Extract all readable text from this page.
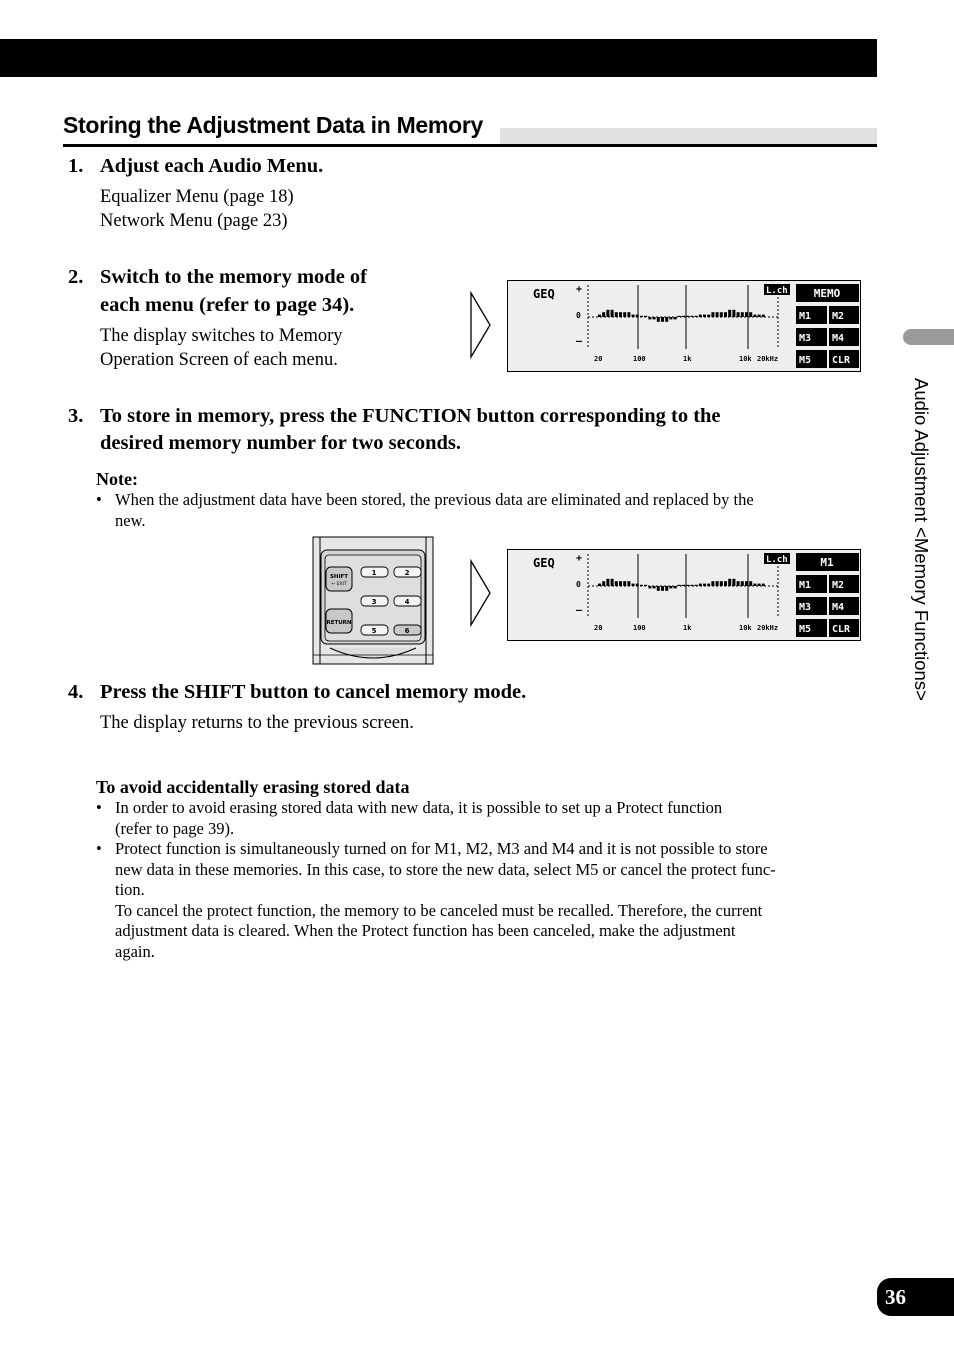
Storing the Adjustment Data in Memory
1. Adjust each Audio Menu.
Equalizer Menu (page 18)
Network Menu (page 23)
2. Switch to the memory mode of
each menu (refer to page 34).
The display switches to Memory
Operation Screen of each menu.
GEQ +
0
–
L.ch
20	100	1k	10k 20kHz
MEMO
M1 M2
M3 M4
M5 CLR
3. To store in memory, press the FUNCTION button corresponding to the
desired memory number for two seconds.
Note:
• When the adjustment data have been stored, the previous data are eliminated and replaced by the
new.
SHIFT
← EXIT
RETURN
1	2
3	4
5	6
GEQ +
0
–
L.ch
20	100	1k	10k 20kHz
M1
M1 M2
M3 M4
M5 CLR
4. Press the SHIFT button to cancel memory mode.
The display returns to the previous screen.
To avoid accidentally erasing stored data
• In order to avoid erasing stored data with new data, it is possible to set up a Protect function
(refer to page 39).
• Protect function is simultaneously turned on for M1, M2, M3 and M4 and it is not possible to store
new data in these memories. In this case, to store the new data, select M5 or cancel the protect func-
tion.
To cancel the protect function, the memory to be canceled must be recalled. Therefore, the current
adjustment data is cleared. When the Protect function has been canceled, make the adjustment
again.
Audio Adjustment <Memory Functions>
36
